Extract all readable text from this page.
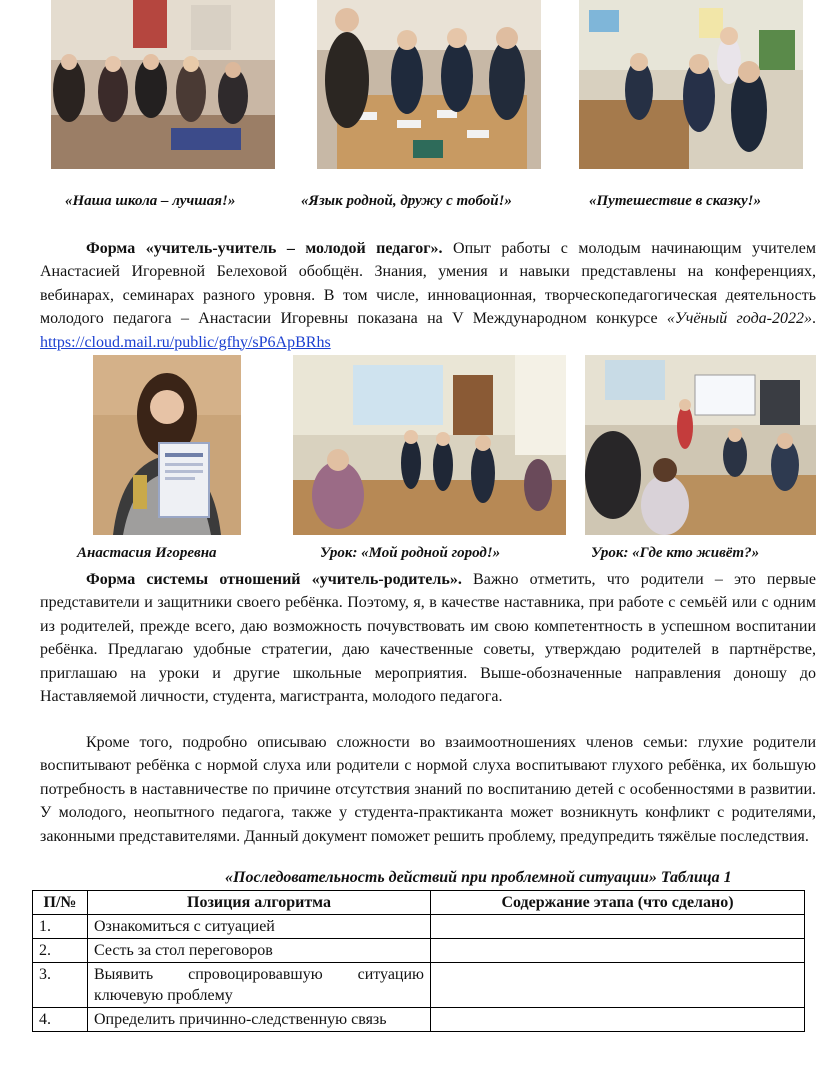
«Наша школа – лучшая!»	«Язык родной, дружу с тобой!»	«Путешествие в сказку!»
Форма «учитель-учитель – молодой педагог». Опыт работы с молодым начинающим учителем Анастасией Игоревной Белеховой обобщён. Знания, умения и навыки представлены на конференциях, вебинарах, семинарах разного уровня. В том числе, инновационная, творческопедагогическая деятельность молодого педагога – Анастасии Игоревны показана на V Международном конкурсе «Учёный года-2022». https://cloud.mail.ru/public/gfhy/sP6ApBRhs
Анастасия Игоревна	Урок: «Мой родной город!»	Урок: «Где кто живёт?»
Форма системы отношений «учитель-родитель». Важно отметить, что родители – это первые представители и защитники своего ребёнка. Поэтому, я, в качестве наставника, при работе с семьёй или с одним из родителей, прежде всего, даю возможность почувствовать им свою компетентность в успешном воспитании ребёнка. Предлагаю удобные стратегии, даю качественные советы, утверждаю родителей в партнёрстве, приглашаю на уроки и другие школьные мероприятия. Выше-обозначенные направления доношу до Наставляемой личности, студента, магистранта, молодого педагога.
Кроме того, подробно описываю сложности во взаимоотношениях членов семьи: глухие родители воспитывают ребёнка с нормой слуха или родители с нормой слуха воспитывают глухого ребёнка, их большую потребность в наставничестве по причине отсутствия знаний по воспитанию детей с особенностями в развитии. У молодого, неопытного педагога, также у студента-практиканта может возникнуть конфликт с родителями, законными представителями. Данный документ поможет решить проблему, предупредить тяжёлые последствия.
«Последовательность действий при проблемной ситуации» Таблица 1
П/№	Позиция алгоритма	Содержание этапа (что сделано)
1.	Ознакомиться с ситуацией	
2.	Сесть за стол переговоров	
3.	Выявить спровоцировавшую ситуацию ключевую проблему	
4.	Определить причинно-следственную связь	
